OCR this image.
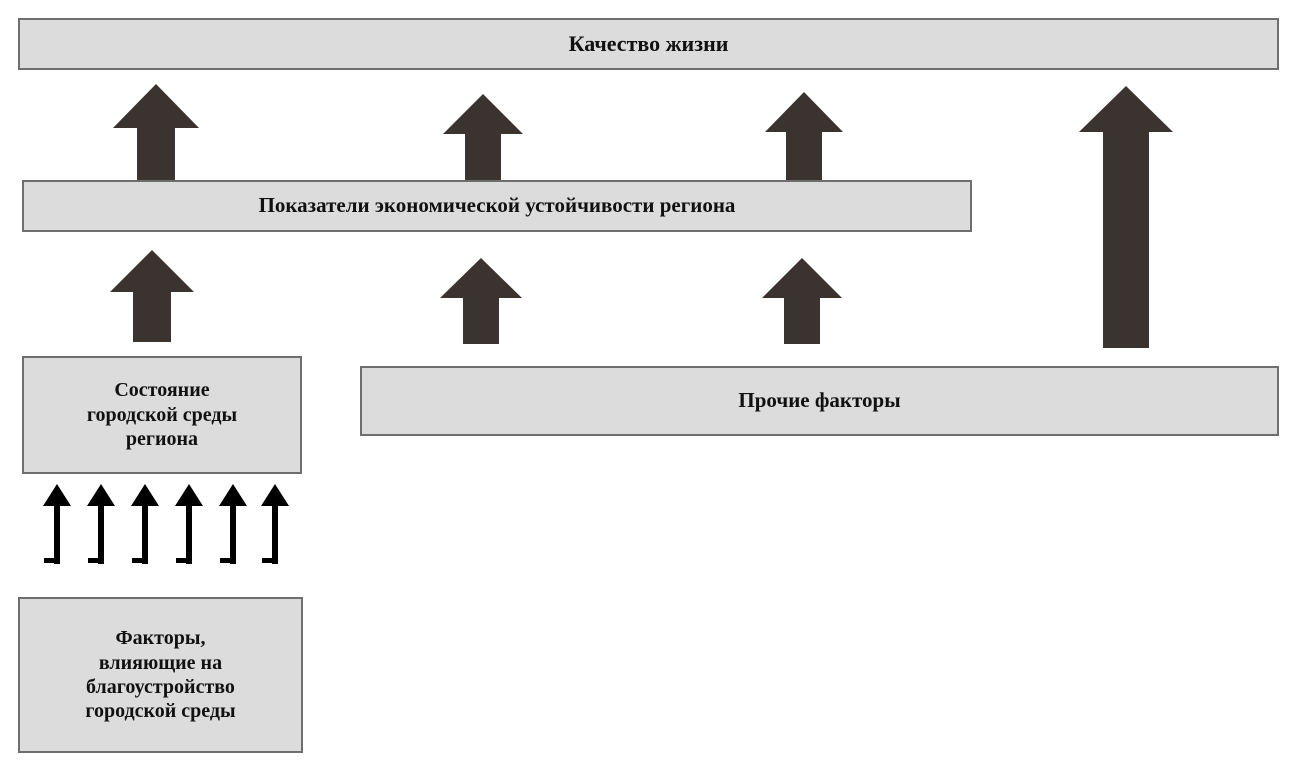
Качество жизни
Показатели экономической устойчивости региона
Состояние
городской среды
региона
Прочие факторы
Факторы,
влияющие на
благоустройство
городской среды
